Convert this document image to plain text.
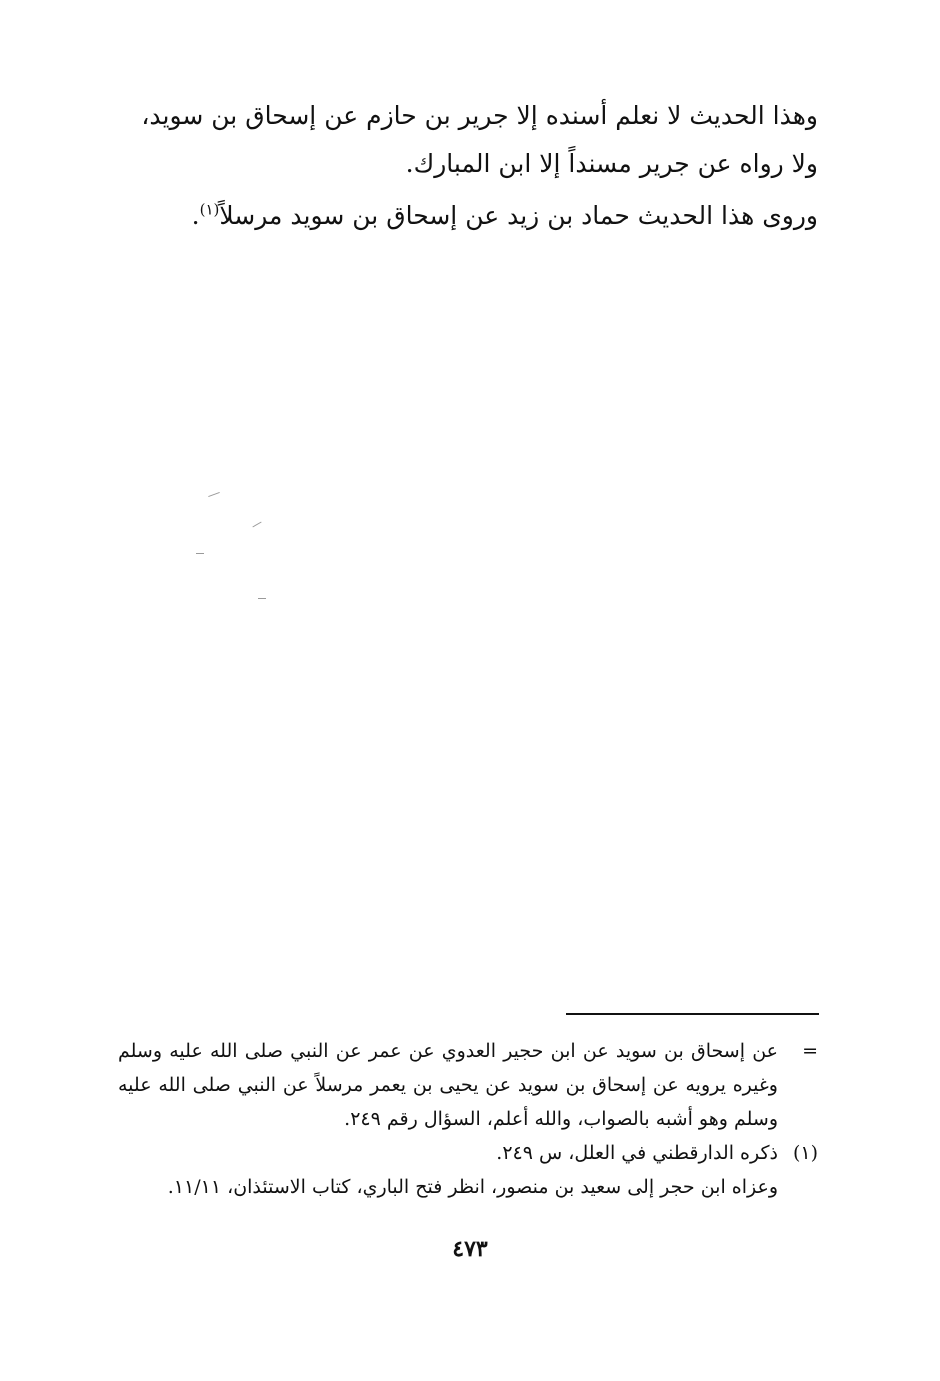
وهذا الحديث لا نعلم أسنده إلا جرير بن حازم عن إسحاق بن سويد،
ولا رواه عن جرير مسنداً إلا ابن المبارك.

وروى هذا الحديث حماد بن زيد عن إسحاق بن سويد مرسلاً$^{(١)}$.

=
عن إسحاق بن سويد عن ابن حجير العدوي عن عمر عن النبي صلى الله عليه وسلم وغيره يرويه عن إسحاق بن سويد عن يحيى بن يعمر مرسلاً عن النبي صلى الله عليه وسلم وهو أشبه بالصواب، والله أعلم، السؤال رقم ٢٤٩.
(١)
ذكره الدارقطني في العلل، س ٢٤٩.
وعزاه ابن حجر إلى سعيد بن منصور، انظر فتح الباري، كتاب الاستئذان، ١١/١١.
٤٧٣
